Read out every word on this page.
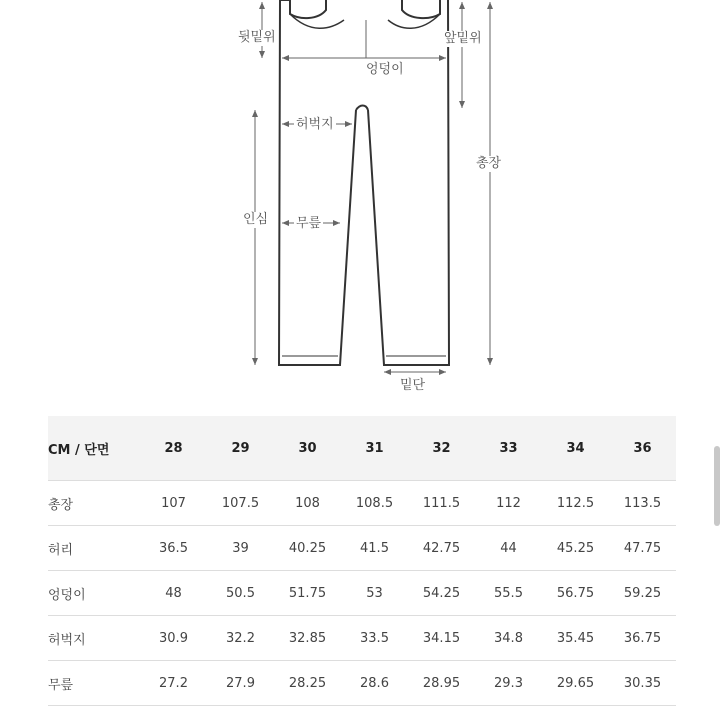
뒷밑위	앞밑위
엉덩이
허벅지
총장
인심 무릎
밑단
CM / 단면	28	29	30	31	32	33	34	36
총장	107	107.5	108	108.5	111.5	112	112.5	113.5
허리	36.5	39	40.25	41.5	42.75	44	45.25	47.75
엉덩이	48	50.5	51.75	53	54.25	55.5	56.75	59.25
허벅지	30.9	32.2	32.85	33.5	34.15	34.8	35.45	36.75
무릎	27.2	27.9	28.25	28.6	28.95	29.3	29.65	30.35
